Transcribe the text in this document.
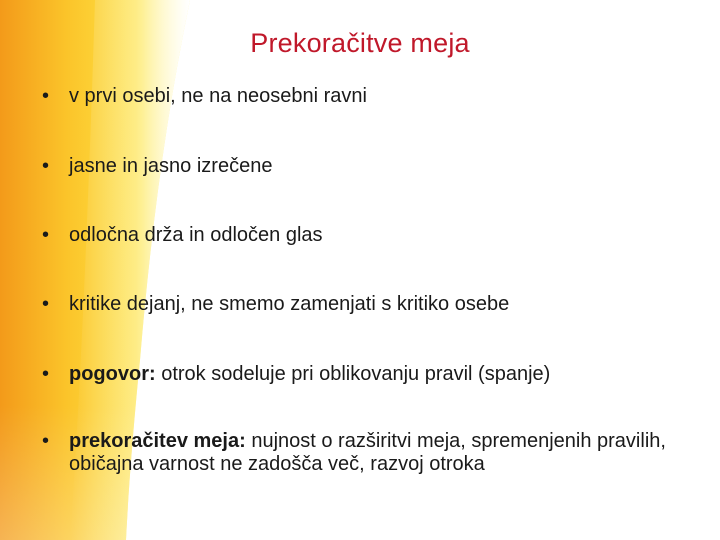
Prekoračitve meja
• v prvi osebi, ne na neosebni ravni
• jasne in jasno izrečene
• odločna drža in odločen glas
• kritike dejanj, ne smemo zamenjati s kritiko osebe
• pogovor: otrok sodeluje pri oblikovanju pravil (spanje)
• prekoračitev meja: nujnost o razširitvi meja, spremenjenih pravilih, običajna varnost ne zadošča več, razvoj otroka
